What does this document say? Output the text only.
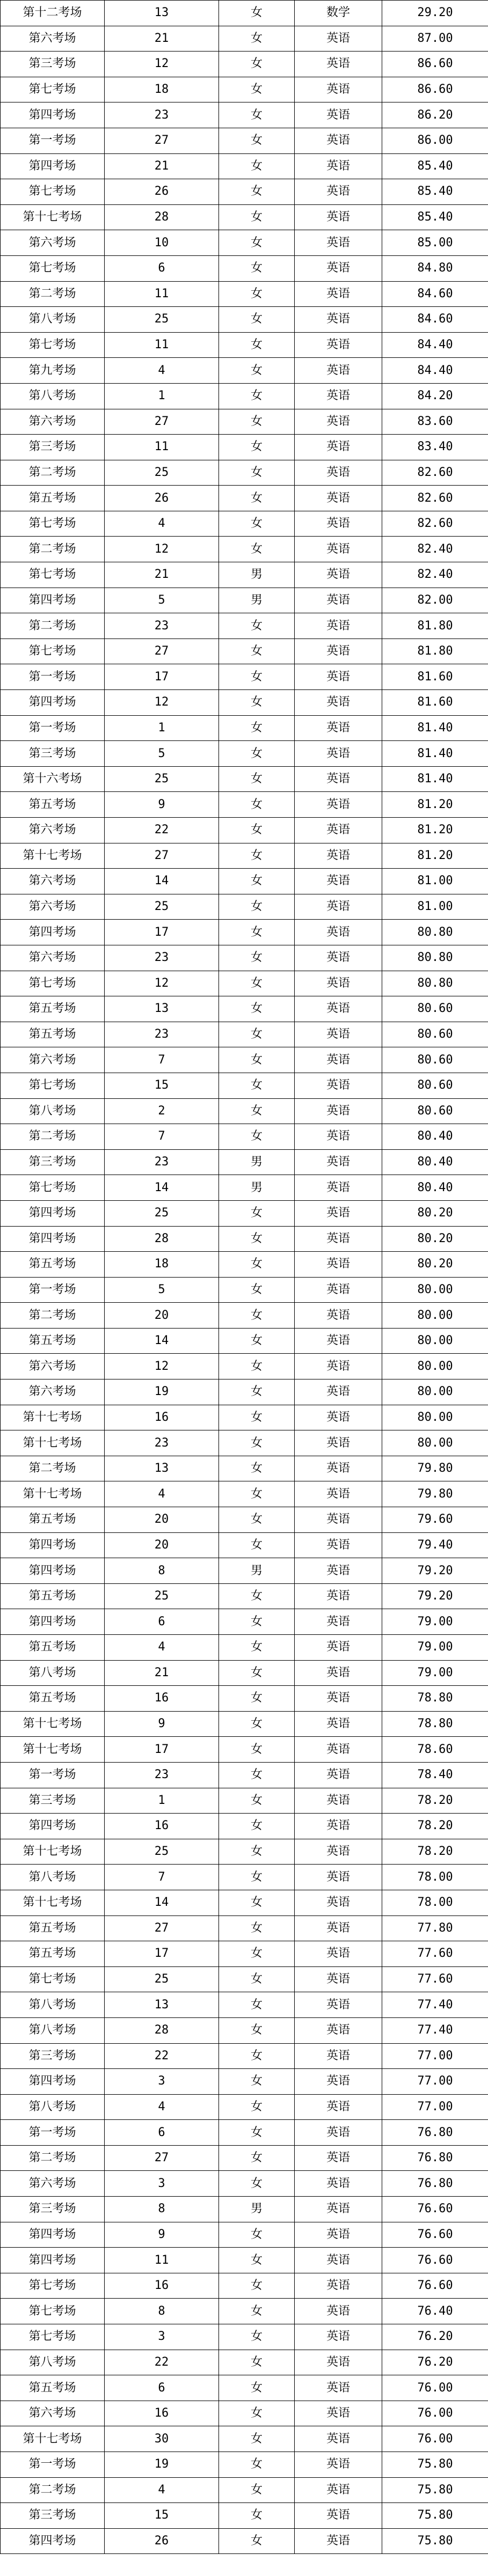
第十二考场	13	女	数学	29.20
第六考场	21	女	英语	87.00
第三考场	12	女	英语	86.60
第七考场	18	女	英语	86.60
第四考场	23	女	英语	86.20
第一考场	27	女	英语	86.00
第四考场	21	女	英语	85.40
第七考场	26	女	英语	85.40
第十七考场	28	女	英语	85.40
第六考场	10	女	英语	85.00
第七考场	6	女	英语	84.80
第二考场	11	女	英语	84.60
第八考场	25	女	英语	84.60
第七考场	11	女	英语	84.40
第九考场	4	女	英语	84.40
第八考场	1	女	英语	84.20
第六考场	27	女	英语	83.60
第三考场	11	女	英语	83.40
第二考场	25	女	英语	82.60
第五考场	26	女	英语	82.60
第七考场	4	女	英语	82.60
第二考场	12	女	英语	82.40
第七考场	21	男	英语	82.40
第四考场	5	男	英语	82.00
第二考场	23	女	英语	81.80
第七考场	27	女	英语	81.80
第一考场	17	女	英语	81.60
第四考场	12	女	英语	81.60
第一考场	1	女	英语	81.40
第三考场	5	女	英语	81.40
第十六考场	25	女	英语	81.40
第五考场	9	女	英语	81.20
第六考场	22	女	英语	81.20
第十七考场	27	女	英语	81.20
第六考场	14	女	英语	81.00
第六考场	25	女	英语	81.00
第四考场	17	女	英语	80.80
第六考场	23	女	英语	80.80
第七考场	12	女	英语	80.80
第五考场	13	女	英语	80.60
第五考场	23	女	英语	80.60
第六考场	7	女	英语	80.60
第七考场	15	女	英语	80.60
第八考场	2	女	英语	80.60
第二考场	7	女	英语	80.40
第三考场	23	男	英语	80.40
第七考场	14	男	英语	80.40
第四考场	25	女	英语	80.20
第四考场	28	女	英语	80.20
第五考场	18	女	英语	80.20
第一考场	5	女	英语	80.00
第二考场	20	女	英语	80.00
第五考场	14	女	英语	80.00
第六考场	12	女	英语	80.00
第六考场	19	女	英语	80.00
第十七考场	16	女	英语	80.00
第十七考场	23	女	英语	80.00
第二考场	13	女	英语	79.80
第十七考场	4	女	英语	79.80
第五考场	20	女	英语	79.60
第四考场	20	女	英语	79.40
第四考场	8	男	英语	79.20
第五考场	25	女	英语	79.20
第四考场	6	女	英语	79.00
第五考场	4	女	英语	79.00
第八考场	21	女	英语	79.00
第五考场	16	女	英语	78.80
第十七考场	9	女	英语	78.80
第十七考场	17	女	英语	78.60
第一考场	23	女	英语	78.40
第三考场	1	女	英语	78.20
第四考场	16	女	英语	78.20
第十七考场	25	女	英语	78.20
第八考场	7	女	英语	78.00
第十七考场	14	女	英语	78.00
第五考场	27	女	英语	77.80
第五考场	17	女	英语	77.60
第七考场	25	女	英语	77.60
第八考场	13	女	英语	77.40
第八考场	28	女	英语	77.40
第三考场	22	女	英语	77.00
第四考场	3	女	英语	77.00
第八考场	4	女	英语	77.00
第一考场	6	女	英语	76.80
第二考场	27	女	英语	76.80
第六考场	3	女	英语	76.80
第三考场	8	男	英语	76.60
第四考场	9	女	英语	76.60
第四考场	11	女	英语	76.60
第七考场	16	女	英语	76.60
第七考场	8	女	英语	76.40
第七考场	3	女	英语	76.20
第八考场	22	女	英语	76.20
第五考场	6	女	英语	76.00
第六考场	16	女	英语	76.00
第十七考场	30	女	英语	76.00
第一考场	19	女	英语	75.80
第二考场	4	女	英语	75.80
第三考场	15	女	英语	75.80
第四考场	26	女	英语	75.80
